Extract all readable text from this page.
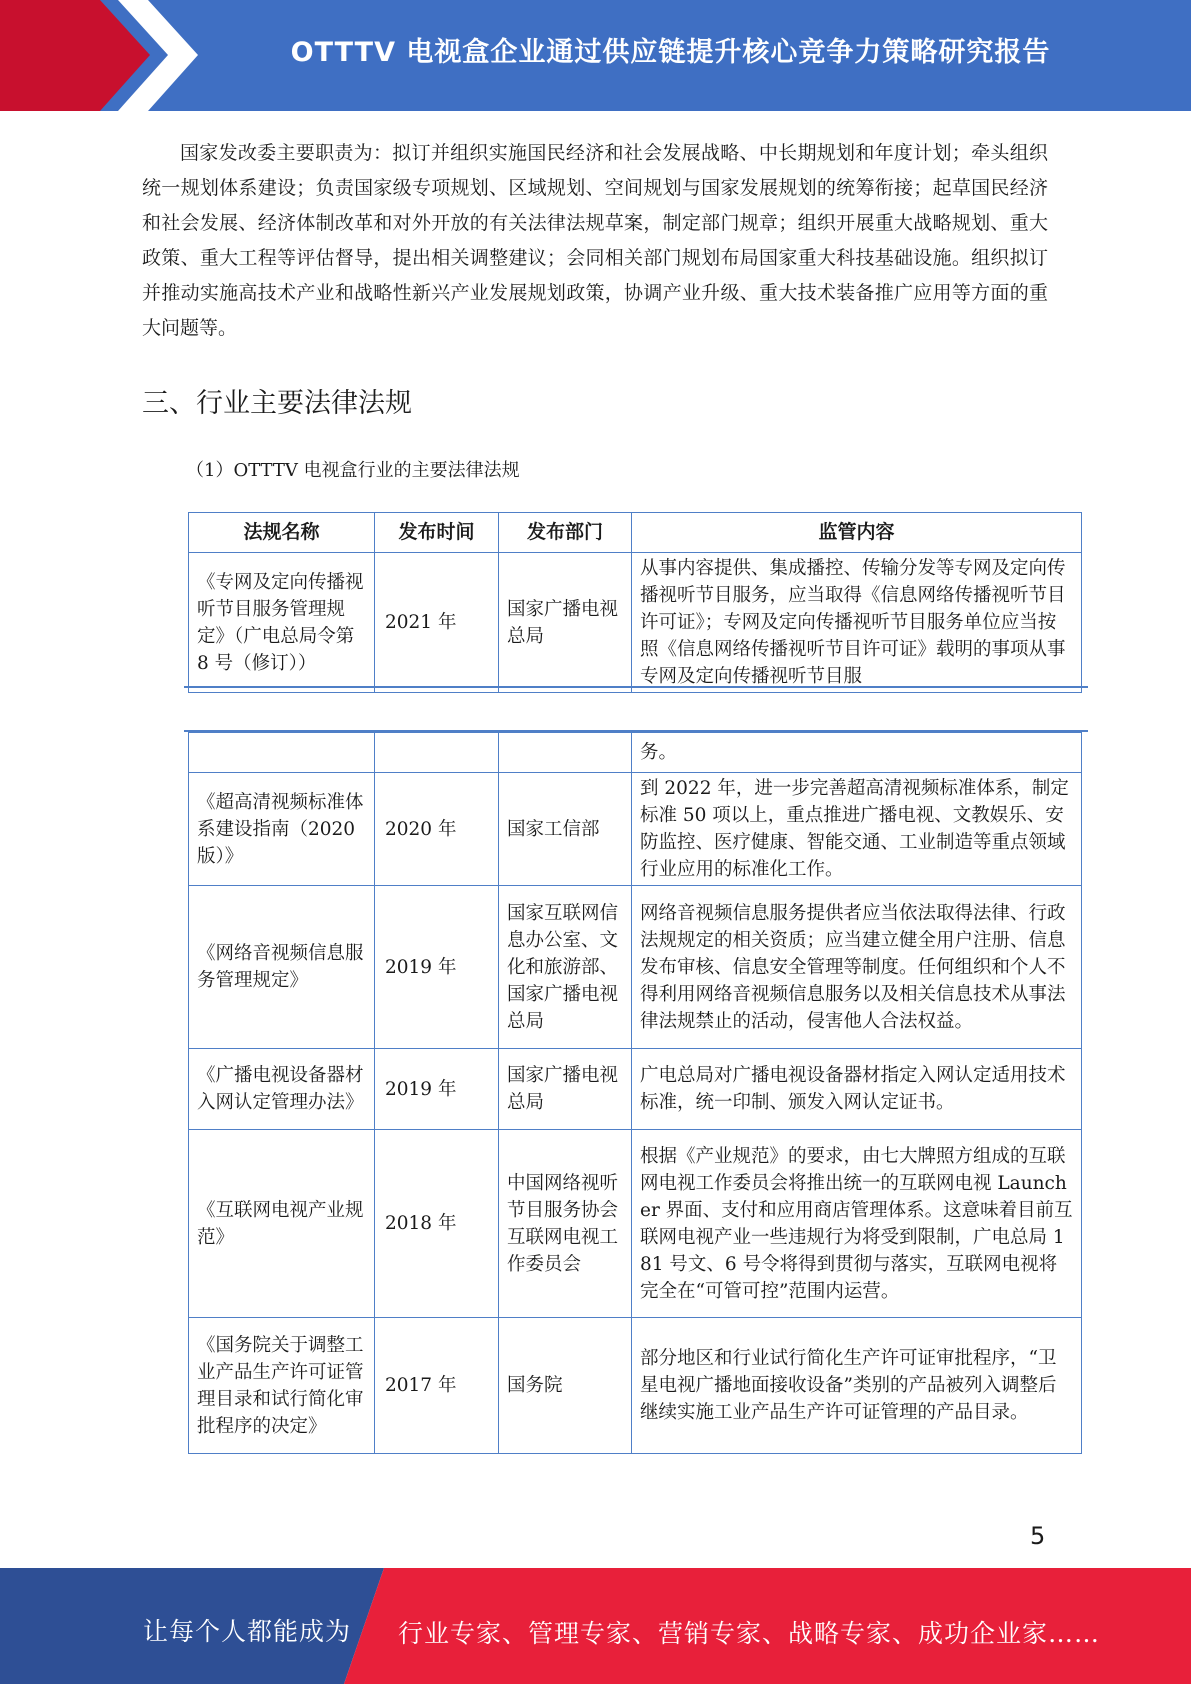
OTTTV 电视盒企业通过供应链提升核心竞争力策略研究报告

国家发改委主要职责为：拟订并组织实施国民经济和社会发展战略、中长期规划和年度计划；牵头组织统一规划体系建设；负责国家级专项规划、区域规划、空间规划与国家发展规划的统筹衔接；起草国民经济和社会发展、经济体制改革和对外开放的有关法律法规草案，制定部门规章；组织开展重大战略规划、重大政策、重大工程等评估督导，提出相关调整建议；会同相关部门规划布局国家重大科技基础设施。组织拟订并推动实施高技术产业和战略性新兴产业发展规划政策，协调产业升级、重大技术装备推广应用等方面的重大问题等。

三、行业主要法律法规

（1）OTTTV 电视盒行业的主要法律法规

法规名称	发布时间	发布部门	监管内容
《专网及定向传播视听节目服务管理规定》（广电总局令第 8 号（修订））	2021 年	国家广播电视总局	从事内容提供、集成播控、传输分发等专网及定向传播视听节目服务，应当取得《信息网络传播视听节目许可证》；专网及定向传播视听节目服务单位应当按照《信息网络传播视听节目许可证》载明的事项从事专网及定向传播视听节目服
			务。
《超高清视频标准体系建设指南（2020 版）》	2020 年	国家工信部	到 2022 年，进一步完善超高清视频标准体系，制定标准 50 项以上，重点推进广播电视、文教娱乐、安防监控、医疗健康、智能交通、工业制造等重点领域行业应用的标准化工作。
《网络音视频信息服务管理规定》	2019 年	国家互联网信息办公室、文化和旅游部、国家广播电视总局	网络音视频信息服务提供者应当依法取得法律、行政法规规定的相关资质；应当建立健全用户注册、信息发布审核、信息安全管理等制度。任何组织和个人不得利用网络音视频信息服务以及相关信息技术从事法律法规禁止的活动，侵害他人合法权益。
《广播电视设备器材入网认定管理办法》	2019 年	国家广播电视总局	广电总局对广播电视设备器材指定入网认定适用技术标准，统一印制、颁发入网认定证书。
《互联网电视产业规范》	2018 年	中国网络视听节目服务协会互联网电视工作委员会	根据《产业规范》的要求，由七大牌照方组成的互联网电视工作委员会将推出统一的互联网电视 Launcher 界面、支付和应用商店管理体系。这意味着目前互联网电视产业一些违规行为将受到限制，广电总局 181 号文、6 号令将得到贯彻与落实，互联网电视将完全在“可管可控”范围内运营。
《国务院关于调整工业产品生产许可证管理目录和试行简化审批程序的决定》	2017 年	国务院	部分地区和行业试行简化生产许可证审批程序，“卫星电视广播地面接收设备”类别的产品被列入调整后继续实施工业产品生产许可证管理的产品目录。
5
让每个人都能成为 行业专家、管理专家、营销专家、战略专家、成功企业家……
